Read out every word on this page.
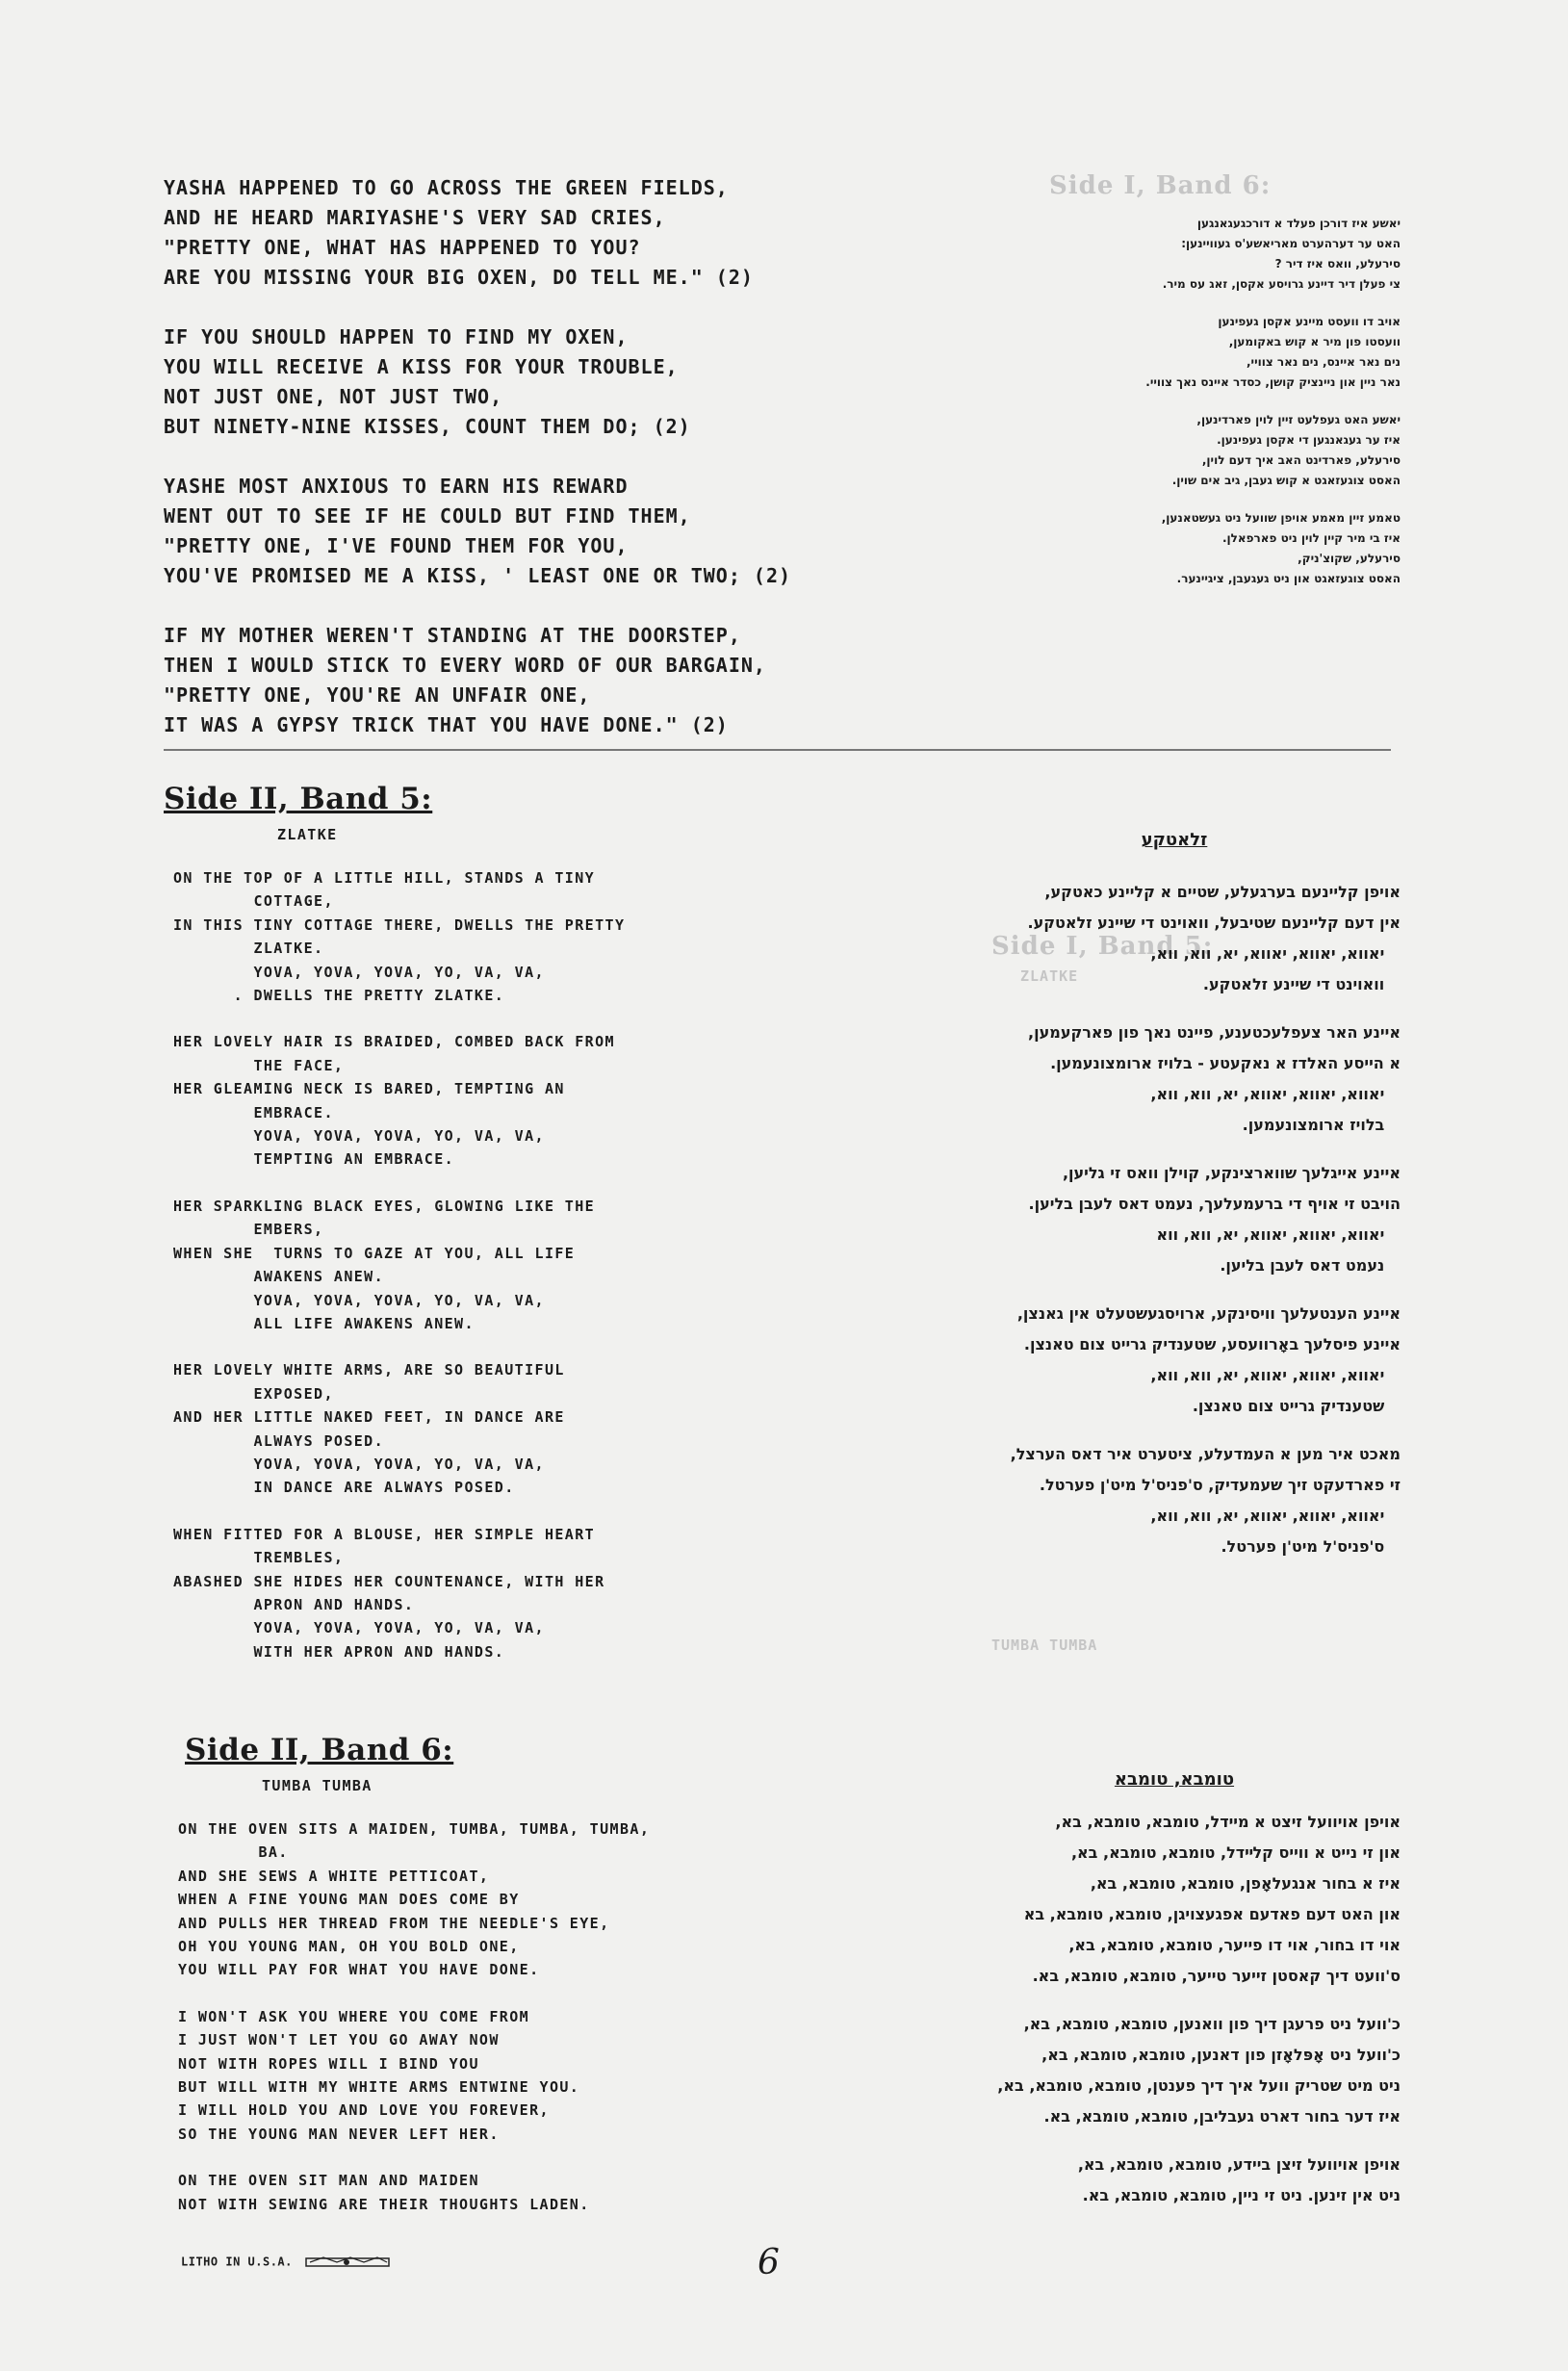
Side I, Band 6:
Side I, Band 5:
ZLATKE
TUMBA TUMBA

YASHA HAPPENED TO GO ACROSS THE GREEN FIELDS,
AND HE HEARD MARIYASHE'S VERY SAD CRIES,
"PRETTY ONE, WHAT HAS HAPPENED TO YOU?
ARE YOU MISSING YOUR BIG OXEN, DO TELL ME." (2)

IF YOU SHOULD HAPPEN TO FIND MY OXEN,
YOU WILL RECEIVE A KISS FOR YOUR TROUBLE,
NOT JUST ONE, NOT JUST TWO,
BUT NINETY-NINE KISSES, COUNT THEM DO; (2)

YASHE MOST ANXIOUS TO EARN HIS REWARD
WENT OUT TO SEE IF HE COULD BUT FIND THEM,
"PRETTY ONE, I'VE FOUND THEM FOR YOU,
YOU'VE PROMISED ME A KISS, ' LEAST ONE OR TWO; (2)

IF MY MOTHER WEREN'T STANDING AT THE DOORSTEP,
THEN I WOULD STICK TO EVERY WORD OF OUR BARGAIN,
"PRETTY ONE, YOU'RE AN UNFAIR ONE,
IT WAS A GYPSY TRICK THAT YOU HAVE DONE." (2)

יאשע איז דורכן פעלד א דורכגעגאנגען
האט ער דערהערט מאריאשע'ס געוויינען:
סירעלע, וואס איז דיר ?
צי פעלן דיר דיינע גרויסע אקסן, זאג עס מיר.

אויב דו וועסט מיינע אקסן געפינען
וועסטו פון מיר א קוש באקומען,
נים נאר איינס, נים נאר צוויי,
נאר ניין און ניינציק קושן, כסדר איינס נאך צוויי.

יאשע האט געפלעט זיין לוין פארדינען,
איז ער געגאנגען די אקסן געפינען.
סירעלע, פארדינט האב איך דעם לוין,
האסט צוגעזאגט א קוש געבן, גיב אים שוין.

טאמע זיין מאמע אויפן שוועל ניט געשטאנען,
איז בי מיר קיין לוין ניט פארפאלן.
סירעלע, שקוצ'ניק,
האסט צוגעזאגט און ניט געגעבן, ציגיינער.

Side II, Band 5:

ZLATKE

ON THE TOP OF A LITTLE HILL, STANDS A TINY
COTTAGE,
IN THIS TINY COTTAGE THERE, DWELLS THE PRETTY
ZLATKE.
YOVA, YOVA, YOVA, YO, VA, VA,
. DWELLS THE PRETTY ZLATKE.

HER LOVELY HAIR IS BRAIDED, COMBED BACK FROM
THE FACE,
HER GLEAMING NECK IS BARED, TEMPTING AN
EMBRACE.
YOVA, YOVA, YOVA, YO, VA, VA,
TEMPTING AN EMBRACE.

HER SPARKLING BLACK EYES, GLOWING LIKE THE
EMBERS,
WHEN SHE  TURNS TO GAZE AT YOU, ALL LIFE
AWAKENS ANEW.
YOVA, YOVA, YOVA, YO, VA, VA,
ALL LIFE AWAKENS ANEW.

HER LOVELY WHITE ARMS, ARE SO BEAUTIFUL
EXPOSED,
AND HER LITTLE NAKED FEET, IN DANCE ARE
ALWAYS POSED.
YOVA, YOVA, YOVA, YO, VA, VA,
IN DANCE ARE ALWAYS POSED.

WHEN FITTED FOR A BLOUSE, HER SIMPLE HEART
TREMBLES,
ABASHED SHE HIDES HER COUNTENANCE, WITH HER
APRON AND HANDS.
YOVA, YOVA, YOVA, YO, VA, VA,
WITH HER APRON AND HANDS.

זלאטקע

אויפן קליינעם בערגעלע, שטיים א קליינע כאטקע,
אין דעם קליינעם שטיבעל, וואוינט די שיינע זלאטקע.
יאווא, יאווא, יאווא, יא, ווא, ווא,
וואוינט די שיינע זלאטקע.

איינע האר צעפלעכטענע, פיינט נאך פון פארקעמען,
א הייסע האלדז א נאקעטע - בלויז ארומצונעמען.
יאווא, יאווא, יאווא, יא, ווא, ווא,
בלויז ארומצונעמען.

איינע אייגלעך שווארצינקע, קוילן וואס זי גליען,
הויבט זי אויף די ברעמעלעך, נעמט דאס לעבן בליען.
יאווא, יאווא, יאווא, יא, ווא, ווא
נעמט דאס לעבן בליען.

איינע הענטעלעך וויסינקע, ארויסגעשטעלט אין גאנצן,
איינע פיסלעך באָרוועסע, שטענדיק גרייט צום טאנצן.
יאווא, יאווא, יאווא, יא, ווא, ווא,
שטענדיק גרייט צום טאנצן.

מאכט איר מען א העמדעלע, ציטערט איר דאס הערצל,
זי פארדעקט זיך שעמעדיק, ס'פניס'ל מיט'ן פערטל.
יאווא, יאווא, יאווא, יא, ווא, ווא,
ס'פניס'ל מיט'ן פערטל.

Side II, Band 6:

TUMBA TUMBA

ON THE OVEN SITS A MAIDEN, TUMBA, TUMBA, TUMBA,
BA.
AND SHE SEWS A WHITE PETTICOAT,
WHEN A FINE YOUNG MAN DOES COME BY
AND PULLS HER THREAD FROM THE NEEDLE'S EYE,
OH YOU YOUNG MAN, OH YOU BOLD ONE,
YOU WILL PAY FOR WHAT YOU HAVE DONE.

I WON'T ASK YOU WHERE YOU COME FROM
I JUST WON'T LET YOU GO AWAY NOW
NOT WITH ROPES WILL I BIND YOU
BUT WILL WITH MY WHITE ARMS ENTWINE YOU.
I WILL HOLD YOU AND LOVE YOU FOREVER,
SO THE YOUNG MAN NEVER LEFT HER.

ON THE OVEN SIT MAN AND MAIDEN
NOT WITH SEWING ARE THEIR THOUGHTS LADEN.

טומבא, טומבא

אויפן אויוועל זיצט א מיידל, טומבא, טומבא, בא,
און זי נייט א ווייס קלײדל, טומבא, טומבא, בא,
איז א בחור אנגעלאָפן, טומבא, טומבא, בא,
און האט דעם פאדעם אפגעצויגן, טומבא, טומבא, בא
אוי דו בחור, אוי דו פייער, טומבא, טומבא, בא,
ס'וועט דיך קאסטן זייער טייער, טומבא, טומבא, בא.

כ'וועל ניט פרעגן דיך פון וואנען, טומבא, טומבא, בא,
כ'וועל ניט אָפּלאָזן פון דאנען, טומבא, טומבא, בא,
ניט מיט שטריק וועל איך דיך פענטן, טומבא, טומבא, בא,
איז דער בחור דארט געבליבן, טומבא, טומבא, בא.

אויפן אויוועל זיצן ביידע, טומבא, טומבא, בא,
ניט אין זינען. ניט זי ניין, טומבא, טומבא, בא.

LITHO IN U.S.A.	6
